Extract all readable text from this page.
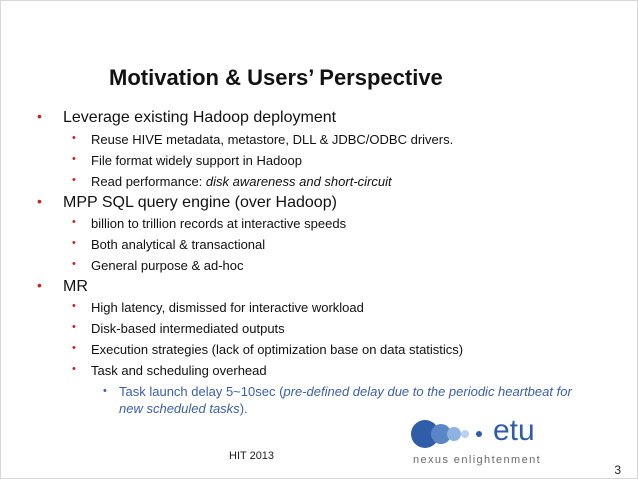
Motivation & Users’ Perspective
• Leverage existing Hadoop deployment
• Reuse HIVE metadata, metastore, DLL & JDBC/ODBC drivers.
• File format widely support in Hadoop
• Read performance: disk awareness and short-circuit
• MPP SQL query engine (over Hadoop)
• billion to trillion records at interactive speeds
• Both analytical & transactional
• General purpose & ad-hoc
• MR
• High latency, dismissed for interactive workload
• Disk-based intermediated outputs
• Execution strategies (lack of optimization base on data statistics)
• Task and scheduling overhead
• Task launch delay 5~10sec (pre-defined delay due to the periodic heartbeat for
new scheduled tasks).
HIT 2013
etu
nexus enlightenment
3
